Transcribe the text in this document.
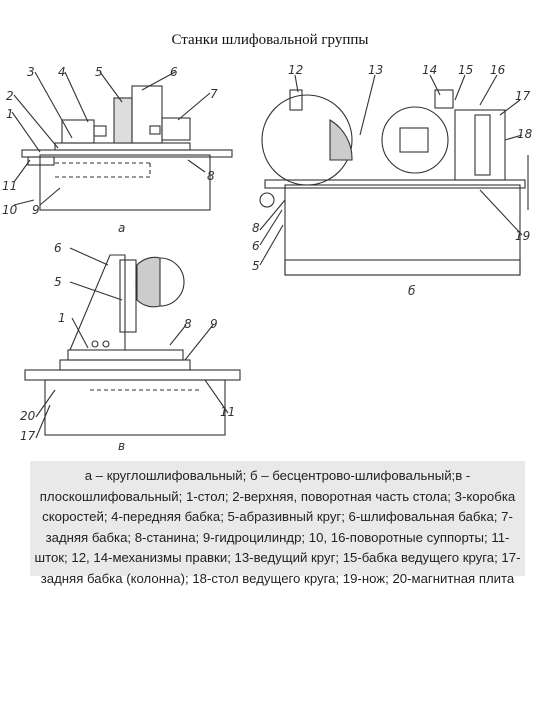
Станки шлифовальной группы
3 4 5	6
2	7
1
8
11
10 9
а
12	13	14 15 16
17
18
8
6
5
19
б
6
5
1	8 9
20	11
17
в
а – круглошлифовальный; б – бесцентрово-шлифовальный;в - плоскошлифовальный; 1-стол; 2-верхняя, поворотная часть стола; 3-коробка скоростей; 4-передняя бабка; 5-абразивный круг; 6-шлифовальная бабка; 7-задняя бабка; 8-станина; 9-гидроцилиндр; 10, 16-поворотные суппорты; 11-шток; 12, 14-механизмы правки; 13-ведущий круг; 15-бабка ведущего круга; 17-задняя бабка (колонна); 18-стол ведущего круга; 19-нож; 20-магнитная плита
